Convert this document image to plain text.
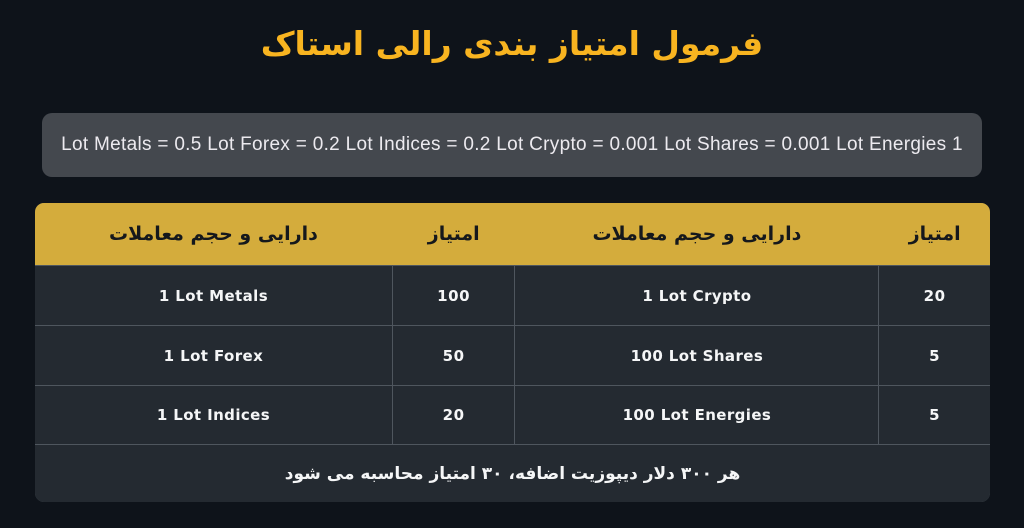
فرمول امتیاز بندی رالی استاک
Lot Metals = 0.5 Lot Forex = 0.2 Lot Indices = 0.2 Lot Crypto = 0.001 Lot Shares = 0.001 Lot Energies 1
دارایی و حجم معاملات	امتیاز	دارایی و حجم معاملات	امتیاز
1 Lot Metals	100	1 Lot Crypto	20
1 Lot Forex	50	100 Lot Shares	5
1 Lot Indices	20	100 Lot Energies	5
هر ۳۰۰ دلار دیپوزیت اضافه، ۳۰ امتیاز محاسبه می شود
